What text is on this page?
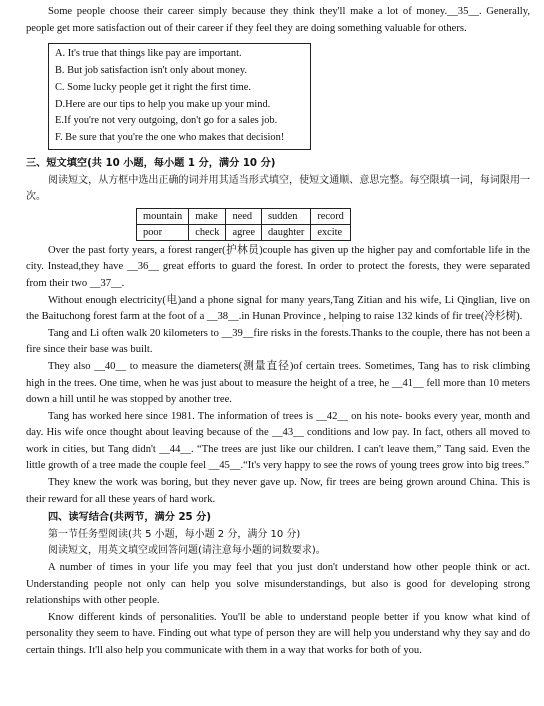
Some people choose their career simply because they think they'll make a lot of money.__35__. Generally, people get more satisfaction out of their career if they feel they are doing something valuable for others.

A. It's true that things like pay are important.
B. But job satisfaction isn't only about money.
C. Some lucky people get it right the first time.
D.Here are our tips to help you make up your mind.
E.If you're not very outgoing, don't go for a sales job.
F. Be sure that you're the one who makes that decision!

三、短文填空(共 10 小题，每小题 1 分，满分 10 分)

阅读短文，从方框中选出正确的词并用其适当形式填空，使短文通顺、意思完整。每空限填一词，每词限用一次。

mountain	make	need	sudden	record
poor	check	agree	daughter	excite

Over the past forty years, a forest ranger(护林员)couple has given up the higher pay and comfortable life in the city. Instead,they have __36__ great efforts to guard the forest. In order to protect the forests, they were separated from their two __37__.

Without enough electricity(电)and a phone signal for many years,Tang Zitian and his wife, Li Qinglian, live on the Baituchong forest farm at the foot of a __38__.in Hunan Province , helping to raise 132 kinds of fir tree(冷杉树).

Tang and Li often walk 20 kilometers to __39__fire risks in the forests.Thanks to the couple, there has not been a fire since their base was built.

They also __40__ to measure the diameters(测量直径)of certain trees. Sometimes, Tang has to risk climbing high in the trees. One time, when he was just about to measure the height of a tree, he __41__ fell more than 10 meters down a hill until he was stopped by another tree.

Tang has worked here since 1981. The information of trees is __42__ on his note- books every year, month and day. His wife once thought about leaving because of the __43__ conditions and low pay. In fact, others all moved to work in cities, but Tang didn't __44__. “The trees are just like our children. I can't leave them,” Tang said. Even the little growth of a tree made the couple feel __45__.“It's very happy to see the rows of young trees grow into big trees.”

They knew the work was boring, but they never gave up. Now, fir trees are being grown around China. This is their reward for all these years of hard work.

四、读写结合(共两节，满分 25 分)

第一节任务型阅读(共 5 小题，每小题 2 分，满分 10 分)

阅读短文，用英文填空或回答问题(请注意每小题的词数要求)。

A number of times in your life you may feel that you just don't understand how other people think or act. Understanding people not only can help you solve misunderstandings, but also is good for developing strong relationships with other people.

Know different kinds of personalities. You'll be able to understand people better if you know what kind of personality they seem to have. Finding out what type of person they are will help you understand why they say and do certain things. It'll also help you communicate with them in a way that works for both of you.
